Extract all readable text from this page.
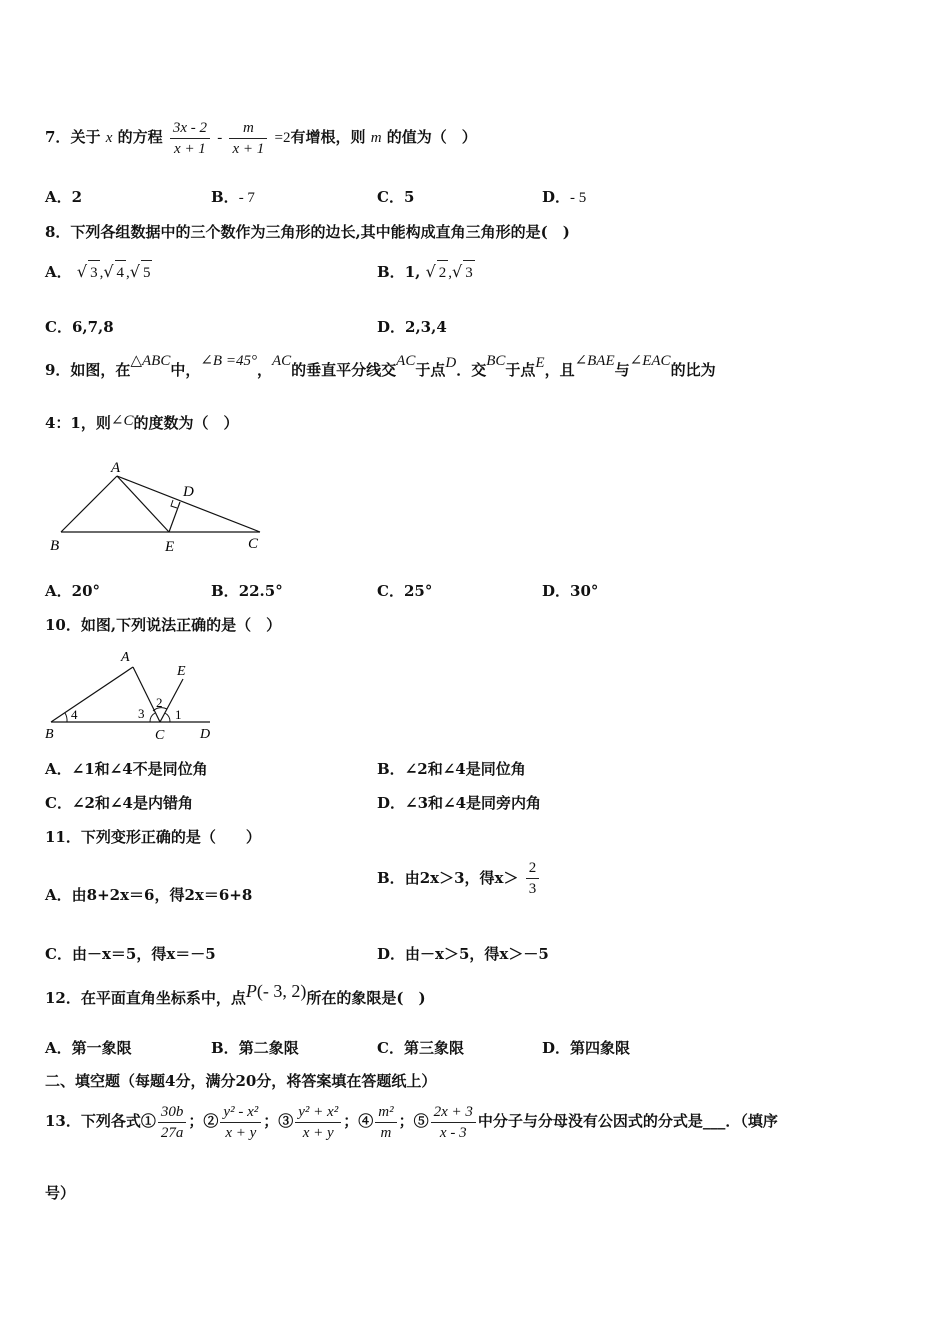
7．关于 x 的方程 $\frac{3x - 2}{x + 1} - \frac{m}{x + 1} =2$有增根，则 m 的值为（　）
A．2	B．- 7	C．5	D．- 5
8．下列各组数据中的三个数作为三角形的边长,其中能构成直角三角形的是(　)
A． √ 3 ,√ 4 ,√ 5	B．1, √ 2 ,√ 3
C．6,7,8	D．2,3,4
9．如图，在△ABC中，∠B =45°，AC的垂直平分线交AC于点D．交BC于点E，且∠BAE与∠EAC的比为
4：1，则∠C的度数为（　）
A
B	E	C
D
A．20°	B．22.5°	C．25°	D．30°
10．如图,下列说法正确的是（　）
A
E
B	C	D
4	3
2
1
A．∠1和∠4不是同位角	B．∠2和∠4是同位角
C．∠2和∠4是内错角	D．∠3和∠4是同旁内角
11．下列变形正确的是（　　）
A．由8+2x＝6，得2x＝6+8
B．由2x＞3，得$x> \frac{2}{3}$
C．由－x＝5，得x＝－5	D．由－x＞5，得x＞－5
12．在平面直角坐标系中，点P(- 3, 2)所在的象限是(　)
A．第一象限	B．第二象限	C．第三象限	D．第四象限
二、填空题（每题4分，满分20分，将答案填在答题纸上）
13．下列各式① $\frac{30b}{27a}$ ；② $\frac{\text{y² - x²}}{x + y}$ ；③ $\frac{\text{y² + x²}}{x + y}$ ；④ $\frac{\text{m²}}{m}$ ；⑤ $\frac{2x + 3}{x - 3}$ 中分子与分母没有公因式的分式是___．（填序
号）
